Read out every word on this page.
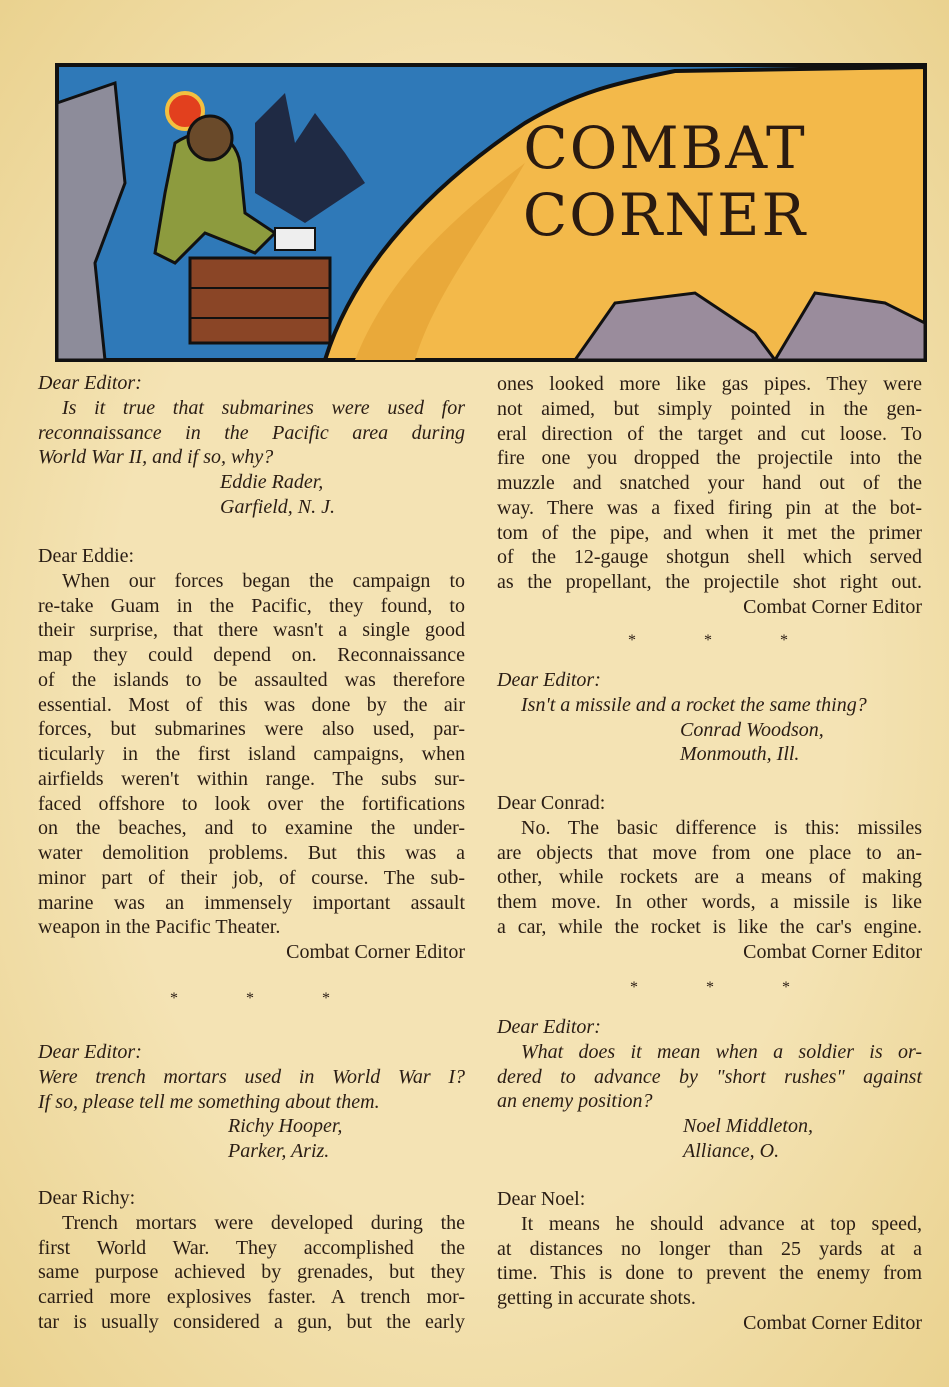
COMBAT
CORNER
Dear Editor:
Is it true that submarines were used for
reconnaissance in the Pacific area during
World War II, and if so, why?
Eddie Rader,
Garfield, N. J.
Dear Eddie:
When our forces began the campaign to
re-take Guam in the Pacific, they found, to
their surprise, that there wasn't a single good
map they could depend on. Reconnaissance
of the islands to be assaulted was therefore
essential. Most of this was done by the air
forces, but submarines were also used, par-
ticularly in the first island campaigns, when
airfields weren't within range. The subs sur-
faced offshore to look over the fortifications
on the beaches, and to examine the under-
water demolition problems. But this was a
minor part of their job, of course. The sub-
marine was an immensely important assault
weapon in the Pacific Theater.
Combat Corner Editor
*	*	*
Dear Editor:
Were trench mortars used in World War I?
If so, please tell me something about them.
Richy Hooper,
Parker, Ariz.
Dear Richy:
Trench mortars were developed during the
first World War. They accomplished the
same purpose achieved by grenades, but they
carried more explosives faster. A trench mor-
tar is usually considered a gun, but the early
ones looked more like gas pipes. They were
not aimed, but simply pointed in the gen-
eral direction of the target and cut loose. To
fire one you dropped the projectile into the
muzzle and snatched your hand out of the
way. There was a fixed firing pin at the bot-
tom of the pipe, and when it met the primer
of the 12-gauge shotgun shell which served
as the propellant, the projectile shot right out.
Combat Corner Editor
*	*	*
Dear Editor:
Isn't a missile and a rocket the same thing?
Conrad Woodson,
Monmouth, Ill.
Dear Conrad:
No. The basic difference is this: missiles
are objects that move from one place to an-
other, while rockets are a means of making
them move. In other words, a missile is like
a car, while the rocket is like the car's engine.
Combat Corner Editor
*	*	*
Dear Editor:
What does it mean when a soldier is or-
dered to advance by "short rushes" against
an enemy position?
Noel Middleton,
Alliance, O.
Dear Noel:
It means he should advance at top speed,
at distances no longer than 25 yards at a
time. This is done to prevent the enemy from
getting in accurate shots.
Combat Corner Editor
